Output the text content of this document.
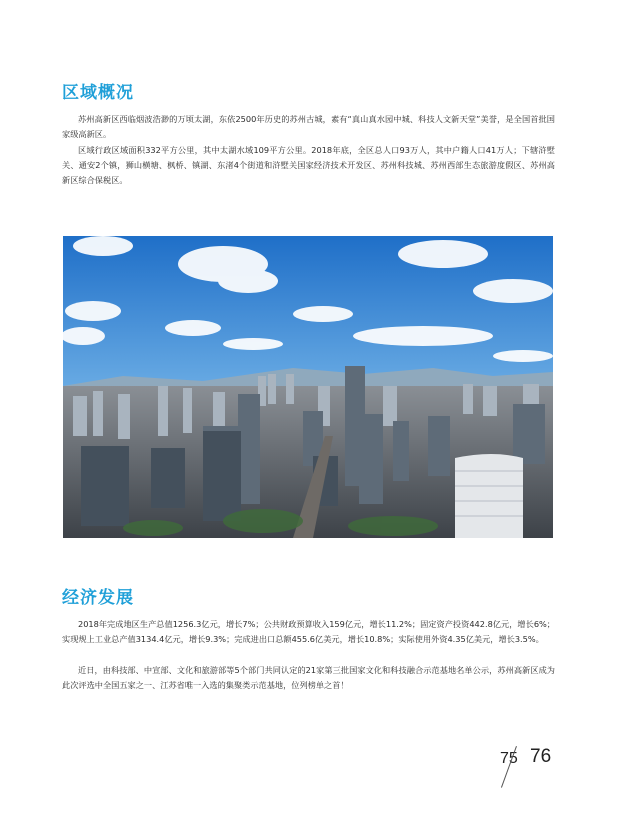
区域概况

苏州高新区西临烟波浩渺的万顷太湖，东依2500年历史的苏州古城，素有“真山真水园中城、科技人文新天堂”美誉，是全国首批国家级高新区。

区域行政区域面积332平方公里，其中太湖水域109平方公里。2018年底，全区总人口93万人，其中户籍人口41万人；下辖浒墅关、通安2个镇，狮山横塘、枫桥、镇湖、东渚4个街道和浒墅关国家经济技术开发区、苏州科技城、苏州西部生态旅游度假区、苏州高新区综合保税区。

经济发展

2018年完成地区生产总值1256.3亿元，增长7%；公共财政预算收入159亿元，增长11.2%；固定资产投资442.8亿元，增长6%；实现规上工业总产值3134.4亿元，增长9.3%；完成进出口总额455.6亿美元，增长10.8%；实际使用外资4.35亿美元，增长3.5%。

近日，由科技部、中宣部、文化和旅游部等5个部门共同认定的21家第三批国家文化和科技融合示范基地名单公示，苏州高新区成为此次评选中全国五家之一、江苏省唯一入选的集聚类示范基地，位列榜单之首！

75 76
